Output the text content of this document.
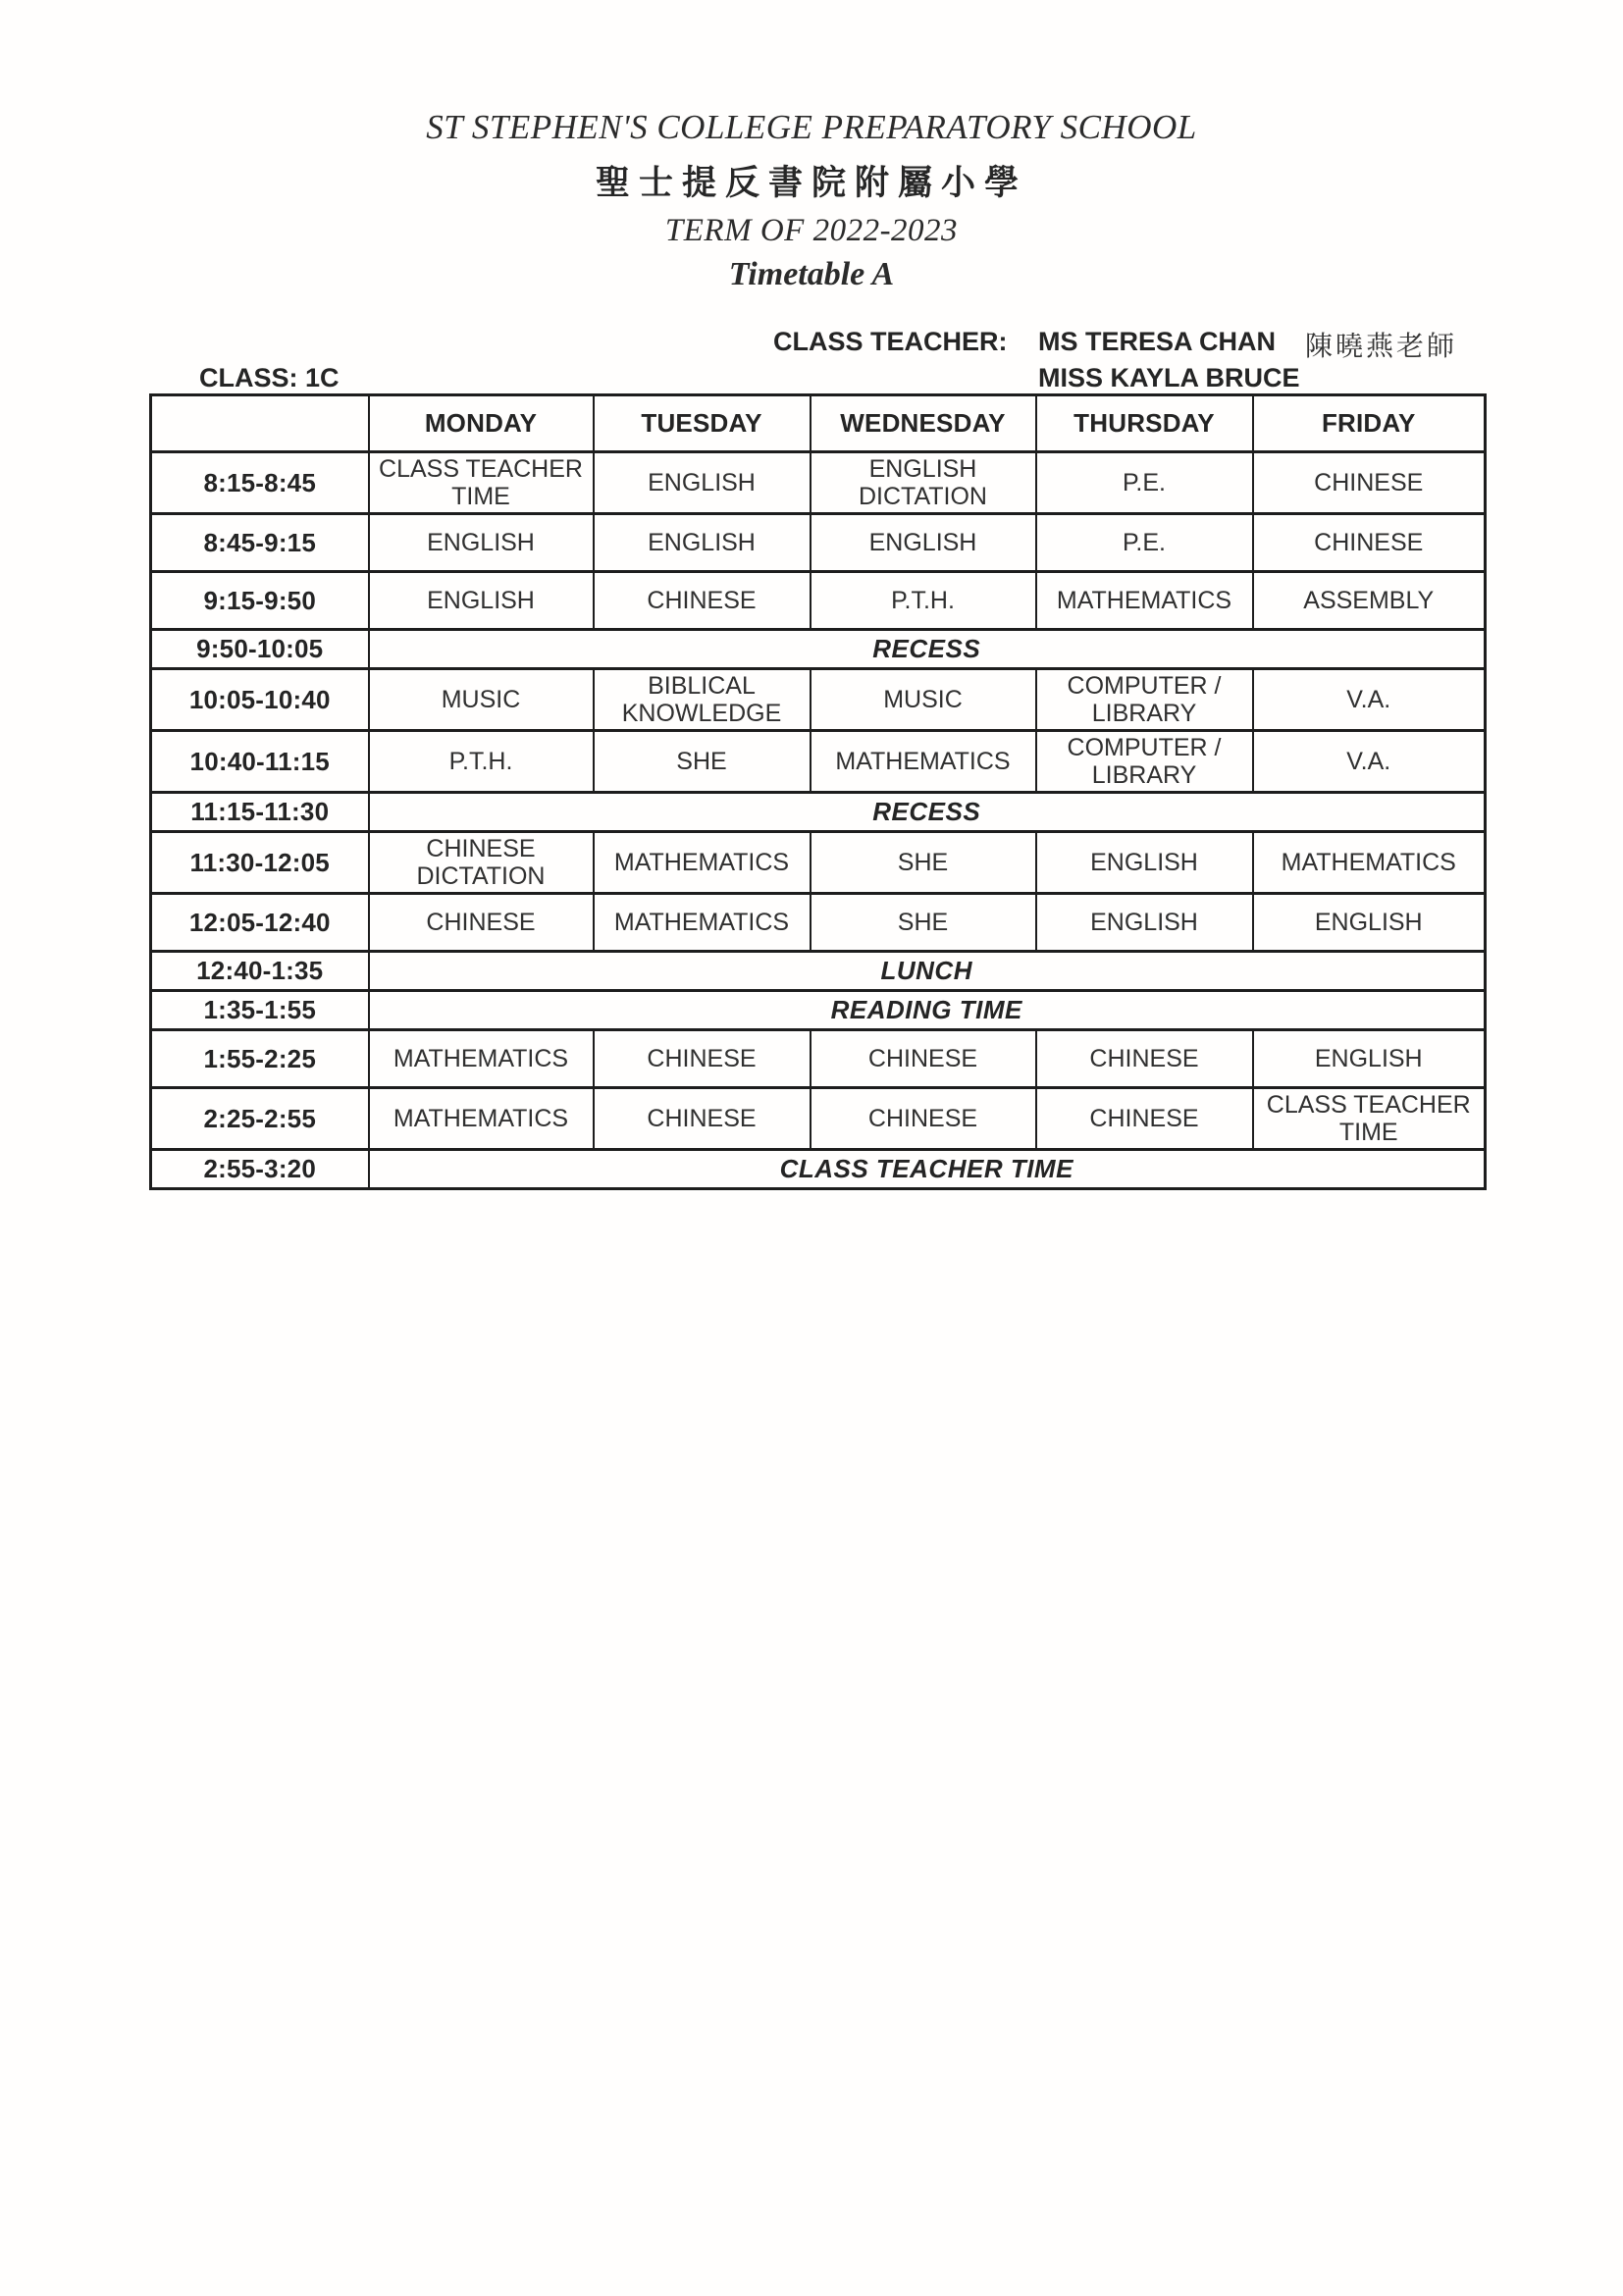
ST STEPHEN'S COLLEGE PREPARATORY SCHOOL
聖士提反書院附屬小學
TERM OF 2022-2023
Timetable A
CLASS TEACHER: MS TERESA CHAN 陳曉燕老師
CLASS: 1C	MISS KAYLA BRUCE
	MONDAY	TUESDAY	WEDNESDAY	THURSDAY	FRIDAY
8:15-8:45	CLASS TEACHER TIME	ENGLISH	ENGLISH DICTATION	P.E.	CHINESE
8:45-9:15	ENGLISH	ENGLISH	ENGLISH	P.E.	CHINESE
9:15-9:50	ENGLISH	CHINESE	P.T.H.	MATHEMATICS	ASSEMBLY
9:50-10:05	RECESS				
10:05-10:40	MUSIC	BIBLICAL KNOWLEDGE	MUSIC	COMPUTER / LIBRARY	V.A.
10:40-11:15	P.T.H.	SHE	MATHEMATICS	COMPUTER / LIBRARY	V.A.
11:15-11:30	RECESS				
11:30-12:05	CHINESE DICTATION	MATHEMATICS	SHE	ENGLISH	MATHEMATICS
12:05-12:40	CHINESE	MATHEMATICS	SHE	ENGLISH	ENGLISH
12:40-1:35	LUNCH				
1:35-1:55	READING TIME				
1:55-2:25	MATHEMATICS	CHINESE	CHINESE	CHINESE	ENGLISH
2:25-2:55	MATHEMATICS	CHINESE	CHINESE	CHINESE	CLASS TEACHER TIME
2:55-3:20	CLASS TEACHER TIME				
